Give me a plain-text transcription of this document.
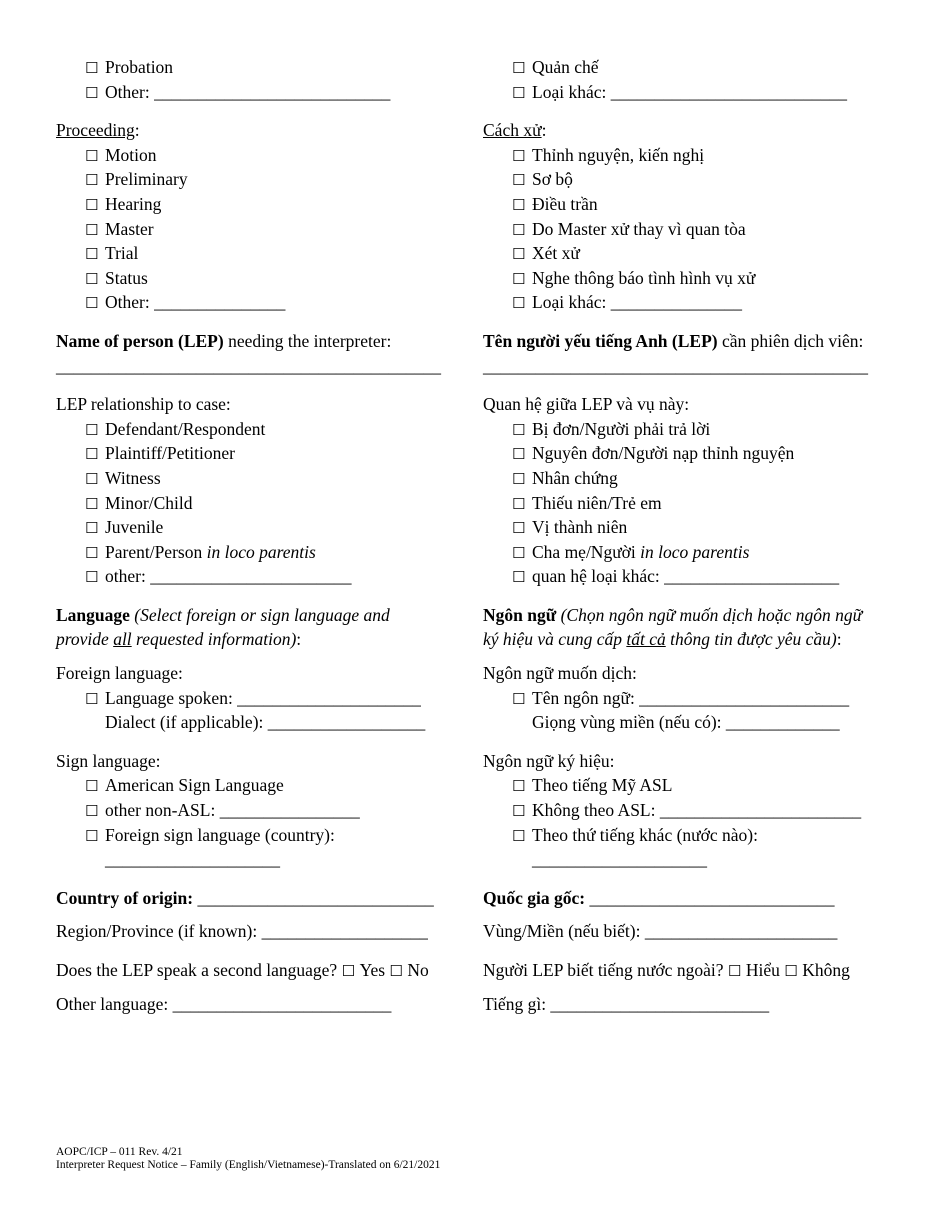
☐ Probation
☐ Other: ___________________________
Proceeding:
☐ Motion
☐ Preliminary
☐ Hearing
☐ Master
☐ Trial
☐ Status
☐ Other: _______________
Name of person (LEP) needing the interpreter:
____________________________________________
LEP relationship to case:
☐ Defendant/Respondent
☐ Plaintiff/Petitioner
☐ Witness
☐ Minor/Child
☐ Juvenile
☐ Parent/Person in loco parentis
☐ other: _______________________
Language (Select foreign or sign language and
provide all requested information):
Foreign language:
☐ Language spoken: _____________________
Dialect (if applicable): __________________
Sign language:
☐ American Sign Language
☐ other non-ASL: ________________
☐ Foreign sign language (country):
____________________
Country of origin: ___________________________
Region/Province (if known): ___________________
Does the LEP speak a second language? ☐ Yes ☐ No
Other language: _________________________
☐ Quản chế
☐ Loại khác: ___________________________
Cách xử:
☐ Thỉnh nguyện, kiến nghị
☐ Sơ bộ
☐ Điều trần
☐ Do Master xử thay vì quan tòa
☐ Xét xử
☐ Nghe thông báo tình hình vụ xử
☐ Loại khác: _______________
Tên người yếu tiếng Anh (LEP) cần phiên dịch viên:
____________________________________________
Quan hệ giữa LEP và vụ này:
☐ Bị đơn/Người phải trả lời
☐ Nguyên đơn/Người nạp thỉnh nguyện
☐ Nhân chứng
☐ Thiếu niên/Trẻ em
☐ Vị thành niên
☐ Cha mẹ/Người in loco parentis
☐ quan hệ loại khác: ____________________
Ngôn ngữ (Chọn ngôn ngữ muốn dịch hoặc ngôn ngữ
ký hiệu và cung cấp tất cả thông tin được yêu cầu):
Ngôn ngữ muốn dịch:
☐ Tên ngôn ngữ: ________________________
Giọng vùng miền (nếu có): _____________
Ngôn ngữ ký hiệu:
☐ Theo tiếng Mỹ ASL
☐ Không theo ASL: _______________________
☐ Theo thứ tiếng khác (nước nào):
____________________
Quốc gia gốc: ____________________________
Vùng/Miền (nếu biết): ______________________
Người LEP biết tiếng nước ngoài? ☐ Hiểu ☐ Không
Tiếng gì: _________________________
AOPC/ICP – 011 Rev. 4/21
Interpreter Request Notice – Family (English/Vietnamese)-Translated on 6/21/2021
